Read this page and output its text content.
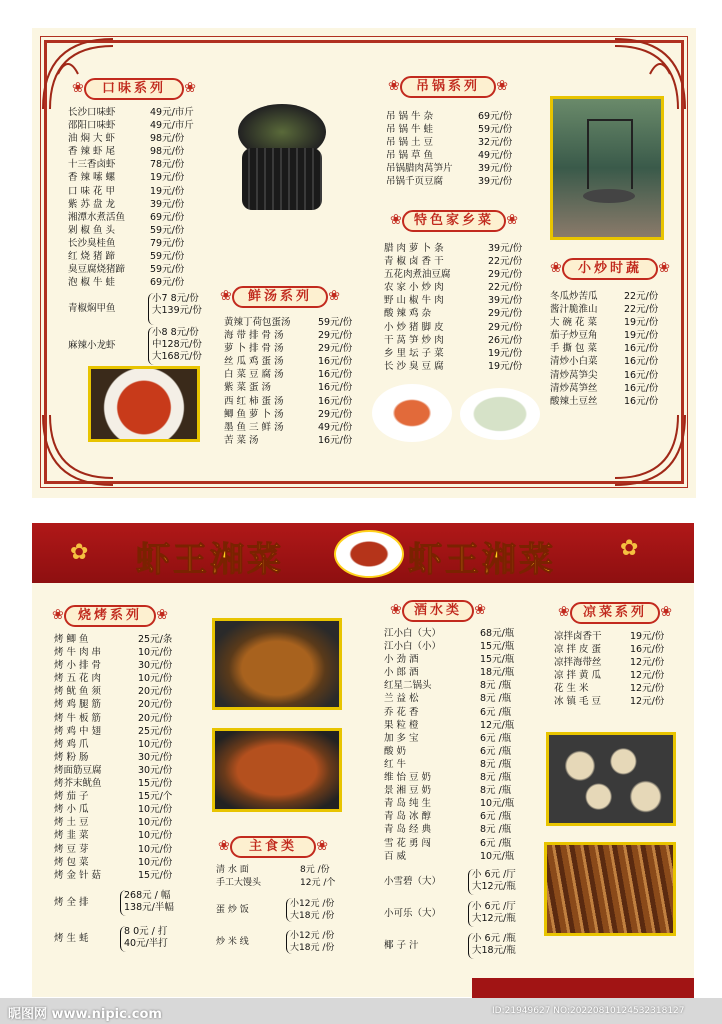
❀ 口味系列 ❀
长沙口味虾	49元/市斤
邵阳口味虾	49元/市斤
油 焖 大 虾	98元/份
香 辣 虾 尾	98元/份
十三香卤虾	78元/份
香 辣 嗦 螺	19元/份
口 味 花 甲	19元/份
紫 苏 盘 龙	39元/份
湘潭水煮活鱼	69元/份
剁 椒 鱼 头	59元/份
长沙臭桂鱼	79元/份
红 烧 猪 蹄	59元/份
臭豆腐烧猪蹄	59元/份
泡 椒 牛 蛙	69元/份
青椒焖甲鱼
小7 8元/份
大139元/份
麻辣小龙虾
小8 8元/份
中128元/份
大168元/份
❀ 鲜汤系列 ❀
黄辣丁荷包蛋汤	59元/份
海 带 排 骨 汤	29元/份
萝 卜 排 骨 汤	29元/份
丝 瓜 鸡 蛋 汤	16元/份
白 菜 豆 腐 汤	16元/份
紫 菜 蛋 汤	16元/份
西 红 柿 蛋 汤	16元/份
鲫 鱼 萝 卜 汤	29元/份
墨 鱼 三 鲜 汤	49元/份
苦 菜 汤	16元/份
❀ 吊锅系列 ❀
吊 锅 牛 杂	69元/份
吊 锅 牛 蛙	59元/份
吊 锅 土 豆	32元/份
吊 锅 草 鱼	49元/份
吊锅腊肉莴笋片	39元/份
吊锅千页豆腐	39元/份
❀ 特色家乡菜 ❀
腊 肉 萝 卜 条	39元/份
青 椒 卤 香 干	22元/份
五花肉煮油豆腐	29元/份
农 家 小 炒 肉	22元/份
野 山 椒 牛 肉	39元/份
酸 辣 鸡 杂	29元/份
小 炒 猪 脚 皮	29元/份
干 莴 笋 炒 肉	26元/份
乡 里 坛 子 菜	19元/份
长 沙 臭 豆 腐	19元/份
❀ 小炒时蔬 ❀
冬瓜炒苦瓜	22元/份
酱汁脆淮山	22元/份
大 碗 花 菜	19元/份
茄子炒豆角	19元/份
手 撕 包 菜	16元/份
清炒小白菜	16元/份
清炒莴笋尖	16元/份
清炒莴笋丝	16元/份
酸辣土豆丝	16元/份
虾王湘菜	虾王湘菜
✿	✿
❀ 烧烤系列 ❀
烤 鲫 鱼	25元/条
烤 牛 肉 串	10元/份
烤 小 排 骨	30元/份
烤 五 花 肉	10元/份
烤 鱿 鱼 须	20元/份
烤 鸡 腿 筋	20元/份
烤 牛 板 筋	20元/份
烤 鸡 中 翅	25元/份
烤 鸡 爪	10元/份
烤 粉 肠	30元/份
烤面筋豆腐	30元/份
烤芥末鱿鱼	15元/份
烤 茄 子	15元/个
烤 小 瓜	10元/份
烤 土 豆	10元/份
烤 韭 菜	10元/份
烤 豆 芽	10元/份
烤 包 菜	10元/份
烤 金 针 菇	15元/份
烤 全 排
268元 / 幅
138元/半幅
烤 生 蚝
8 0元 / 打
40元/半打
❀ 主食类 ❀
清 水 面	8元 /份
手工大馒头	12元 /个
蛋 炒 饭
小12元 /份
大18元 /份
炒 米 线
小12元 /份
大18元 /份
❀ 酒水类 ❀
江小白（大）	68元/瓶
江小白（小）	15元/瓶
小 劲 酒	15元/瓶
小 郎 酒	18元/瓶
红星二锅头	8元 /瓶
兰 益 松	8元 /瓶
乔 花 香	6元 /瓶
果 粒 橙	12元/瓶
加 多 宝	6元 /瓶
酸 奶	6元 /瓶
红 牛	8元 /瓶
维 怡 豆 奶	8元 /瓶
景 湘 豆 奶	8元 /瓶
青 岛 纯 生	10元/瓶
青 岛 冰 醇	6元 /瓶
青 岛 经 典	8元 /瓶
雪 花 勇 闯	6元 /瓶
百 威	10元/瓶
小雪碧（大）
小 6元 /厅
大12元/瓶
小可乐（大）
小 6元 /厅
大12元/瓶
椰 子 汁
小 6元 /瓶
大18元/瓶
❀ 凉菜系列 ❀
凉拌卤香干	19元/份
凉 拌 皮 蛋	16元/份
凉拌海带丝	12元/份
凉 拌 黄 瓜	12元/份
花 生 米	12元/份
冰 镇 毛 豆	12元/份
昵图网 www.nipic.com	ID:21949627 NO:20220810124532318127
